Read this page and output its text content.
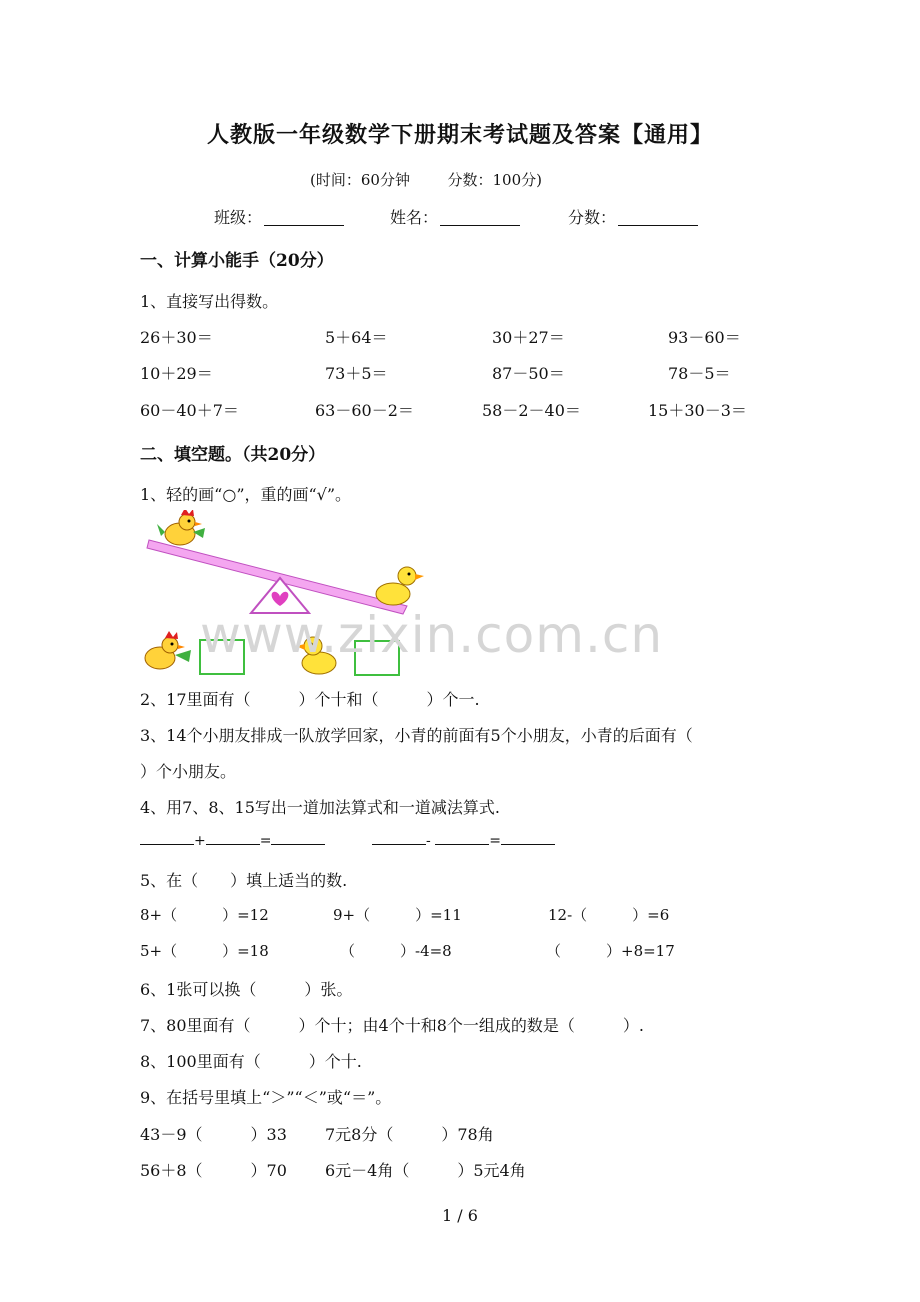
人教版一年级数学下册期末考试题及答案【通用】
(时间：60分钟	分数：100分)
班级：	姓名：	分数：
一、计算小能手（20分）
1、直接写出得数。
26＋30＝	5＋64＝	30＋27＝	93－60＝
10＋29＝	73＋5＝	87－50＝	78－5＝
60－40＋7＝	63－60－2＝	58－2－40＝	15＋30－3＝
二、填空题。（共20分）
1、轻的画“○”，重的画“√”。
www.zixin.com.cn
2、17里面有（　　　）个十和（　　　）个一.
3、14个小朋友排成一队放学回家，小青的前面有5个小朋友，小青的后面有（
）个小朋友。
4、用7、8、15写出一道加法算式和一道减法算式.
+	=	-	=
5、在（　　）填上适当的数.
8+（　　　）=12	9+（　　　）=11	12-（　　　）=6
5+（　　　）=18	（　　　）-4=8	（　　　）+8=17
6、1张可以换（　　　）张。
7、80里面有（　　　）个十；由4个十和8个一组成的数是（　　　）.
8、100里面有（　　　）个十.
9、在括号里填上“＞”“＜”或“＝”。
43－9（　　　）33 7元8分（　　　）78角
56＋8（　　　）70 6元－4角（　　　）5元4角
1 / 6
